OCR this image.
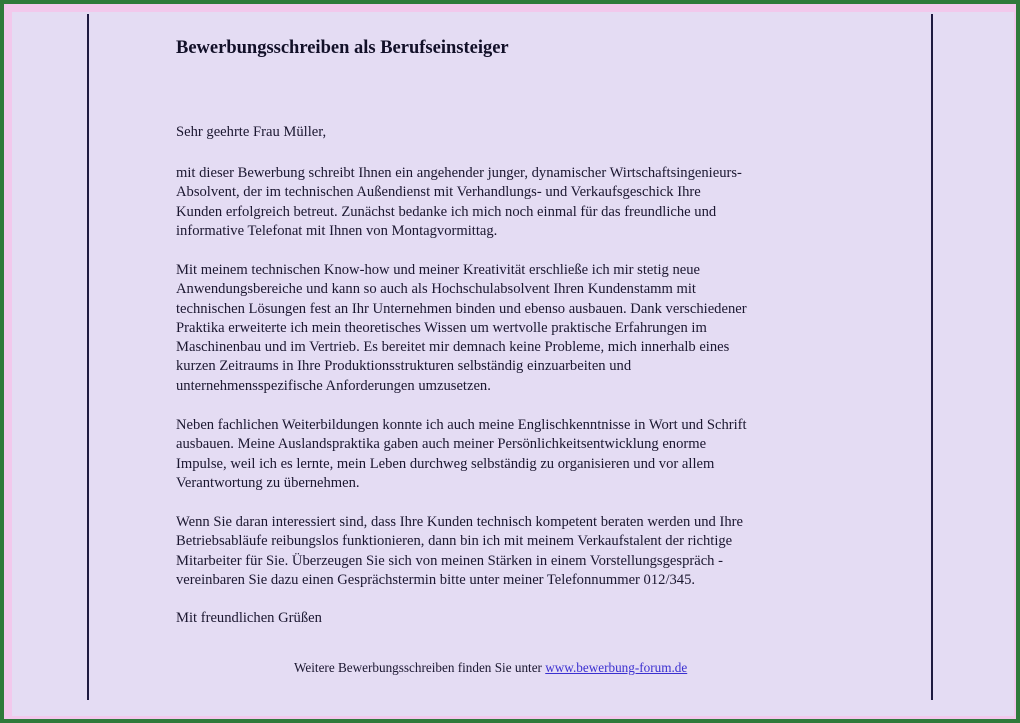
Bewerbungsschreiben als Berufseinsteiger
Sehr geehrte Frau Müller,
mit dieser Bewerbung schreibt Ihnen ein angehender junger, dynamischer Wirtschaftsingenieurs-
Absolvent, der im technischen Außendienst mit Verhandlungs- und Verkaufsgeschick Ihre
Kunden erfolgreich betreut. Zunächst bedanke ich mich noch einmal für das freundliche und
informative Telefonat mit Ihnen von Montagvormittag.
Mit meinem technischen Know-how und meiner Kreativität erschließe ich mir stetig neue
Anwendungsbereiche und kann so auch als Hochschulabsolvent Ihren Kundenstamm mit
technischen Lösungen fest an Ihr Unternehmen binden und ebenso ausbauen. Dank verschiedener
Praktika erweiterte ich mein theoretisches Wissen um wertvolle praktische Erfahrungen im
Maschinenbau und im Vertrieb. Es bereitet mir demnach keine Probleme, mich innerhalb eines
kurzen Zeitraums in Ihre Produktionsstrukturen selbständig einzuarbeiten und
unternehmensspezifische Anforderungen umzusetzen.
Neben fachlichen Weiterbildungen konnte ich auch meine Englischkenntnisse in Wort und Schrift
ausbauen. Meine Auslandspraktika gaben auch meiner Persönlichkeitsentwicklung enorme
Impulse, weil ich es lernte, mein Leben durchweg selbständig zu organisieren und vor allem
Verantwortung zu übernehmen.
Wenn Sie daran interessiert sind, dass Ihre Kunden technisch kompetent beraten werden und Ihre
Betriebsabläufe reibungslos funktionieren, dann bin ich mit meinem Verkaufstalent der richtige
Mitarbeiter für Sie. Überzeugen Sie sich von meinen Stärken in einem Vorstellungsgespräch -
vereinbaren Sie dazu einen Gesprächstermin bitte unter meiner Telefonnummer 012/345.
Mit freundlichen Grüßen
Weitere Bewerbungsschreiben finden Sie unter www.bewerbung-forum.de
